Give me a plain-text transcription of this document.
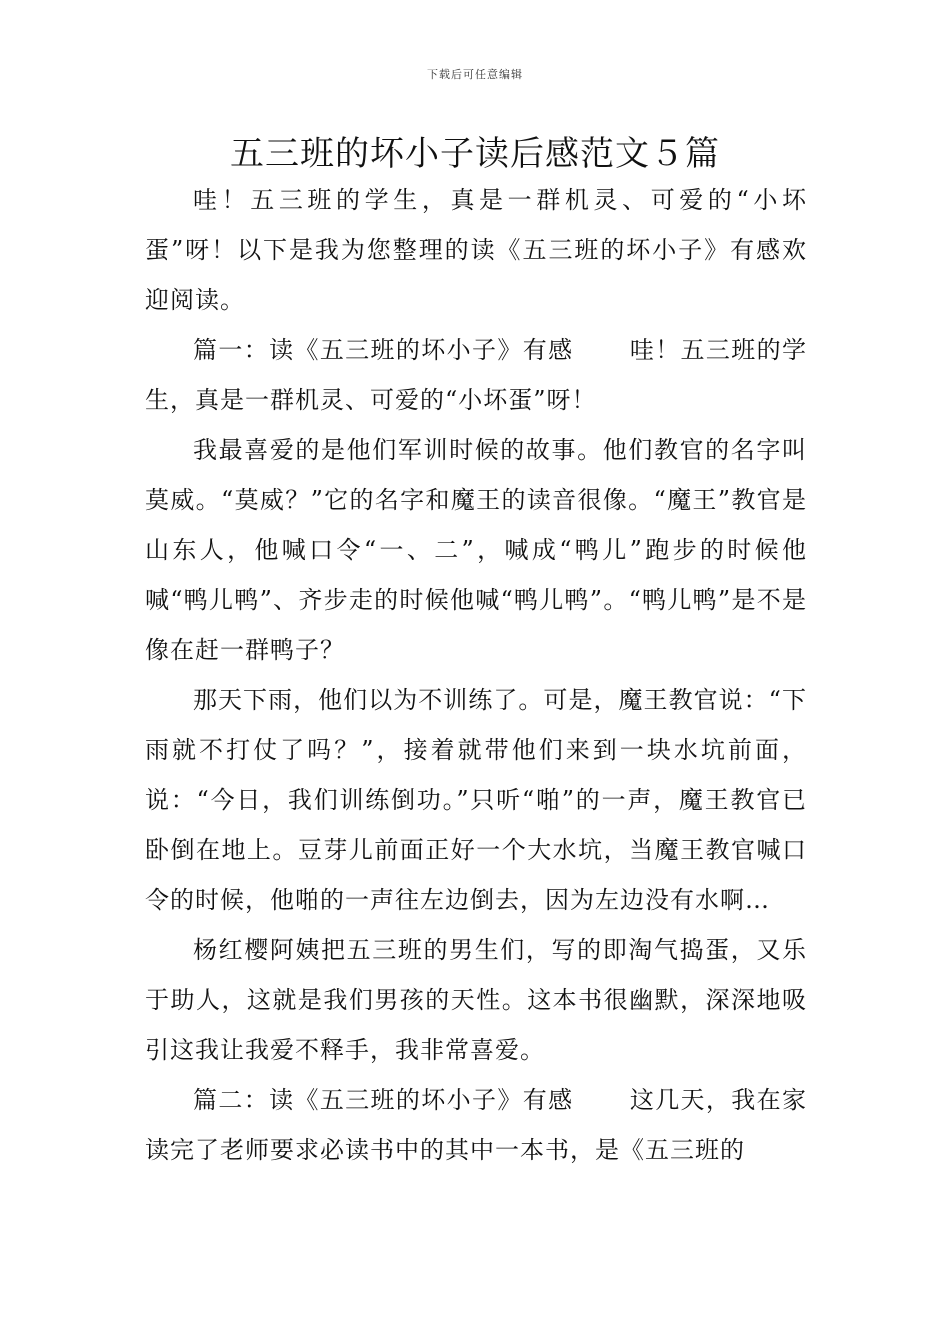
下载后可任意编辑
五三班的坏小子读后感范文５篇

哇！五三班的学生，真是一群机灵、可爱的“小坏蛋”呀！以下是我为您整理的读《五三班的坏小子》有感欢迎阅读。

篇一：读《五三班的坏小子》有感 哇！五三班的学生，真是一群机灵、可爱的“小坏蛋”呀！

我最喜爱的是他们军训时候的故事。他们教官的名字叫莫威。“莫威？”它的名字和魔王的读音很像。“魔王”教官是山东人，他喊口令“一、二”，喊成“鸭儿”跑步的时候他喊“鸭儿鸭”、齐步走的时候他喊“鸭儿鸭”。“鸭儿鸭”是不是像在赶一群鸭子？

那天下雨，他们以为不训练了。可是，魔王教官说：“下雨就不打仗了吗？”，接着就带他们来到一块水坑前面，说：“今日，我们训练倒功。”只听“啪”的一声，魔王教官已卧倒在地上。豆芽儿前面正好一个大水坑，当魔王教官喊口令的时候，他啪的一声往左边倒去，因为左边没有水啊…

杨红樱阿姨把五三班的男生们，写的即淘气捣蛋，又乐于助人，这就是我们男孩的天性。这本书很幽默，深深地吸引这我让我爱不释手，我非常喜爱。

篇二：读《五三班的坏小子》有感 这几天，我在家读完了老师要求必读书中的其中一本书，是《五三班的
